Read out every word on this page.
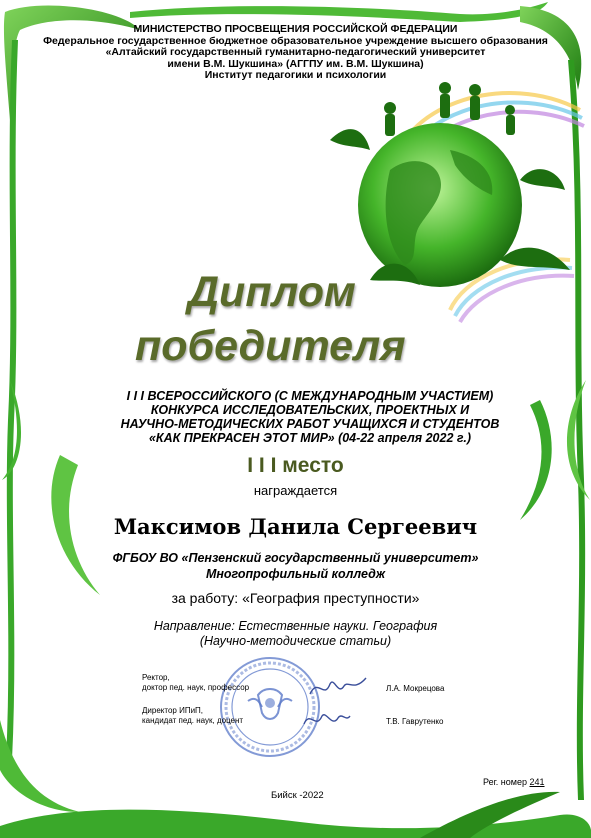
МИНИСТЕРСТВО ПРОСВЕЩЕНИЯ РОССИЙСКОЙ ФЕДЕРАЦИИ
Федеральное государственное бюджетное образовательное учреждение высшего образования
«Алтайский государственный гуманитарно-педагогический университет
имени В.М. Шукшина» (АГГПУ им. В.М. Шукшина)
Институт педагогики и психологии
Диплом
победителя
I I I ВСЕРОССИЙСКОГО (С МЕЖДУНАРОДНЫМ УЧАСТИЕМ)
КОНКУРСА ИССЛЕДОВАТЕЛЬСКИХ, ПРОЕКТНЫХ И
НАУЧНО-МЕТОДИЧЕСКИХ РАБОТ УЧАЩИХСЯ И СТУДЕНТОВ
«КАК ПРЕКРАСЕН ЭТОТ МИР» (04-22 апреля 2022 г.)
I I I место
награждается
Максимов Данила Сергеевич
ФГБОУ ВО «Пензенский государственный университет»
Многопрофильный колледж
за работу: «География преступности»
Направление: Естественные науки. География
(Научно-методические статьи)
Ректор,
доктор пед. наук, профессор	Л.А. Мокрецова
Директор ИПиП,
кандидат пед. наук, доцент	Т.В. Гаврутенко
Рег. номер 241
Бийск -2022
